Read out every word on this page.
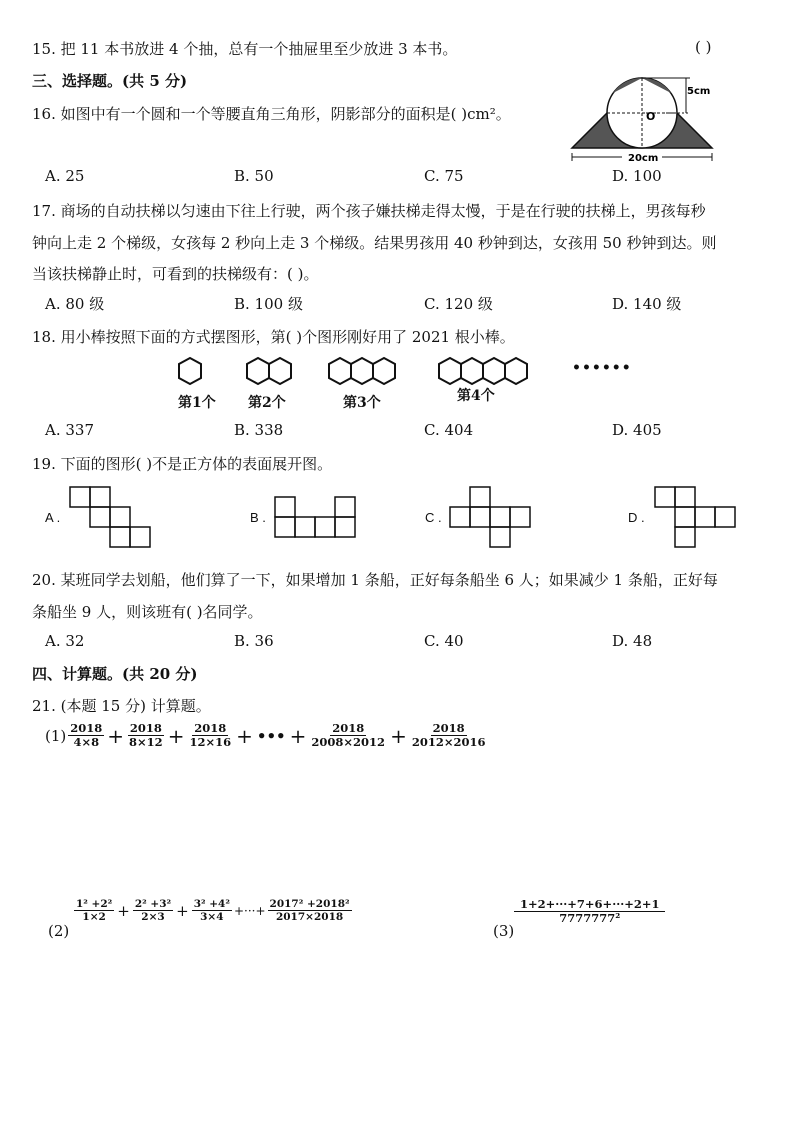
15. 把 11 本书放进 4 个抽，总有一个抽屉里至少放进 3 本书。	( )
三、选择题。(共 5 分)
16. 如图中有一个圆和一个等腰直角三角形，阴影部分的面积是( )cm²。
5cm
O
20cm
A. 25	B. 50	C. 75	D. 100
17. 商场的自动扶梯以匀速由下往上行驶，两个孩子嫌扶梯走得太慢，于是在行驶的扶梯上，男孩每秒
钟向上走 2 个梯级，女孩每 2 秒向上走 3 个梯级。结果男孩用 40 秒钟到达，女孩用 50 秒钟到达。则
当该扶梯静止时，可看到的扶梯级有：( )。
A. 80 级	B. 100 级	C. 120 级	D. 140 级
18. 用小棒按照下面的方式摆图形，第( )个图形刚好用了 2021 根小棒。
第1个 第2个	第3个	第4个
••••••
A. 337	B. 338	C. 404	D. 405
19. 下面的图形( )不是正方体的表面展开图。
A .	B .	C .	D .
20. 某班同学去划船，他们算了一下，如果增加 1 条船，正好每条船坐 6 人；如果减少 1 条船，正好每
条船坐 9 人，则该班有( )名同学。
A. 32	B. 36	C. 40	D. 48
四、计算题。(共 20 分)
21. (本题 15 分) 计算题。
$(1) \frac{2018}{4\times 8} + \frac{2018}{8\times 12} + \frac{2018}{12\times 16}$ + ••• + $\frac{2018}{2008\times 2012} + \frac{2018}{2012\times 2016}$
(2)
$\frac{\text{1² +2²}}{1\times 2} + \frac{\text{2² +3²}}{2\times 3} + \frac{\text{3² +4²}}{3\times 4}$ +···+ $\frac{\text{2017² +2018²}}{2017\times 2018}$
(3)
$\frac{1+2+\cdot\cdot\cdot+7+6+\cdot\cdot\cdot+2+1}{\text{7777777²}}$
